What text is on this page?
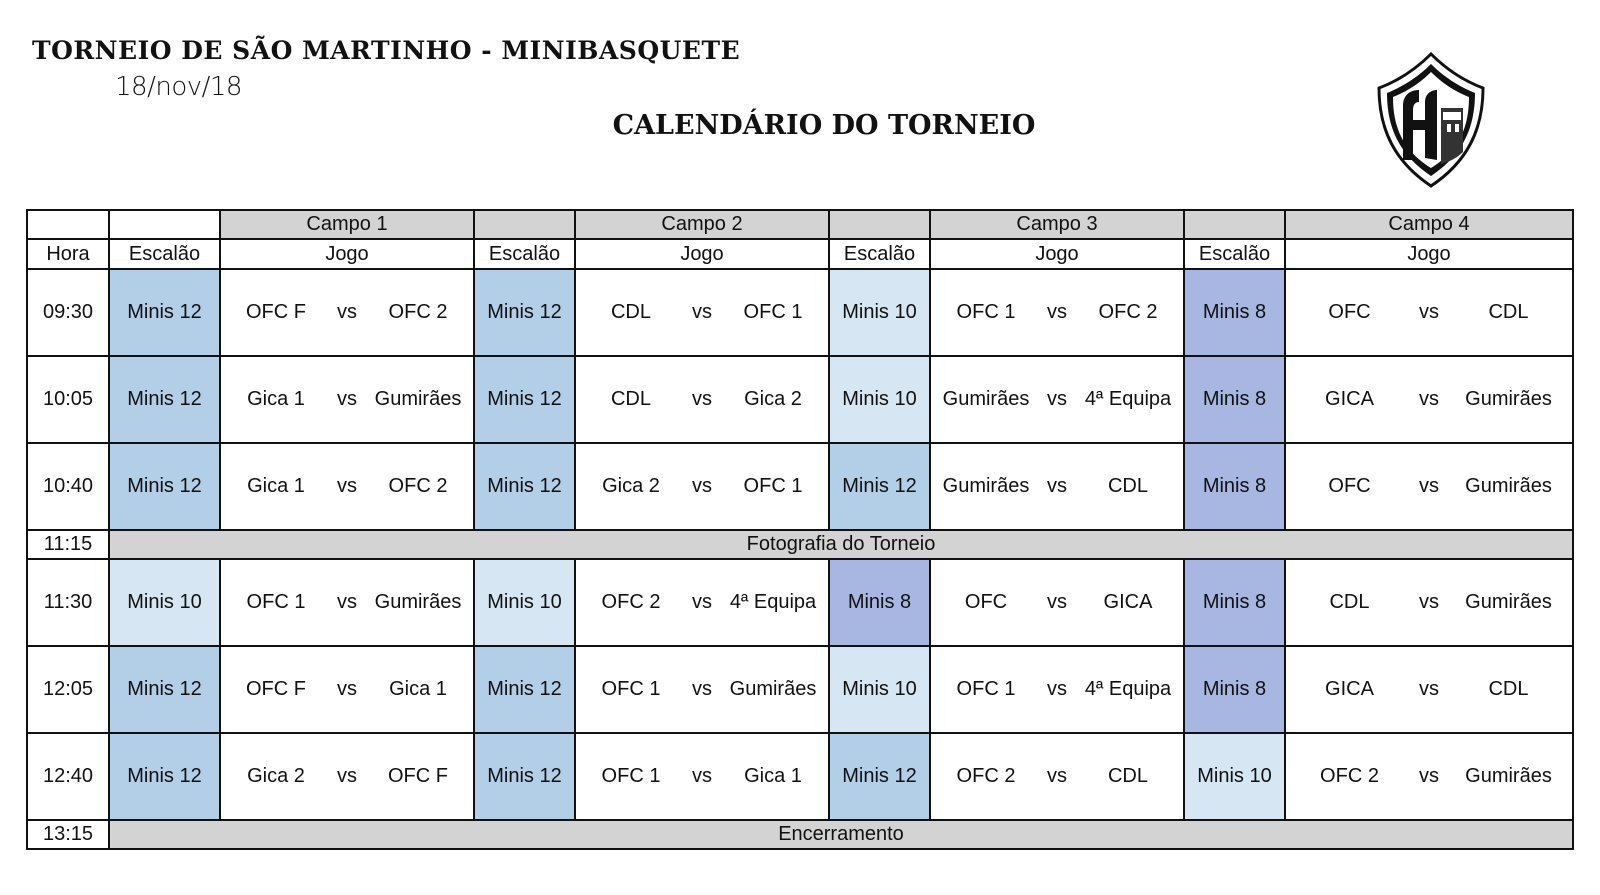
TORNEIO DE SÃO MARTINHO - MINIBASQUETE
18/nov/18
CALENDÁRIO DO TORNEIO
		Campo 1		Campo 2		Campo 3		Campo 4
Hora	Escalão	Jogo	Escalão	Jogo	Escalão	Jogo	Escalão	Jogo
09:30	Minis 12	OFC F vs OFC 2	Minis 12	CDL vs OFC 1	Minis 10	OFC 1 vs OFC 2	Minis 8	OFC vs CDL

10:05	Minis 12	Gica 1 vs Gumirães	Minis 12	CDL vs Gica 2	Minis 10	Gumirães vs 4ª Equipa	Minis 8	GICA vs Gumirães

10:40	Minis 12	Gica 1 vs OFC 2	Minis 12	Gica 2 vs OFC 1	Minis 12	Gumirães vs CDL	Minis 8	OFC vs Gumirães

11:15	Fotografia do Torneio							
11:30	Minis 10	OFC 1 vs Gumirães	Minis 10	OFC 2 vs 4ª Equipa	Minis 8	OFC vs GICA	Minis 8	CDL vs Gumirães

12:05	Minis 12	OFC F vs Gica 1	Minis 12	OFC 1 vs Gumirães	Minis 10	OFC 1 vs 4ª Equipa	Minis 8	GICA vs CDL

12:40	Minis 12	Gica 2 vs OFC F	Minis 12	OFC 1 vs Gica 1	Minis 12	OFC 2 vs CDL	Minis 10	OFC 2 vs Gumirães

13:15	Encerramento							
